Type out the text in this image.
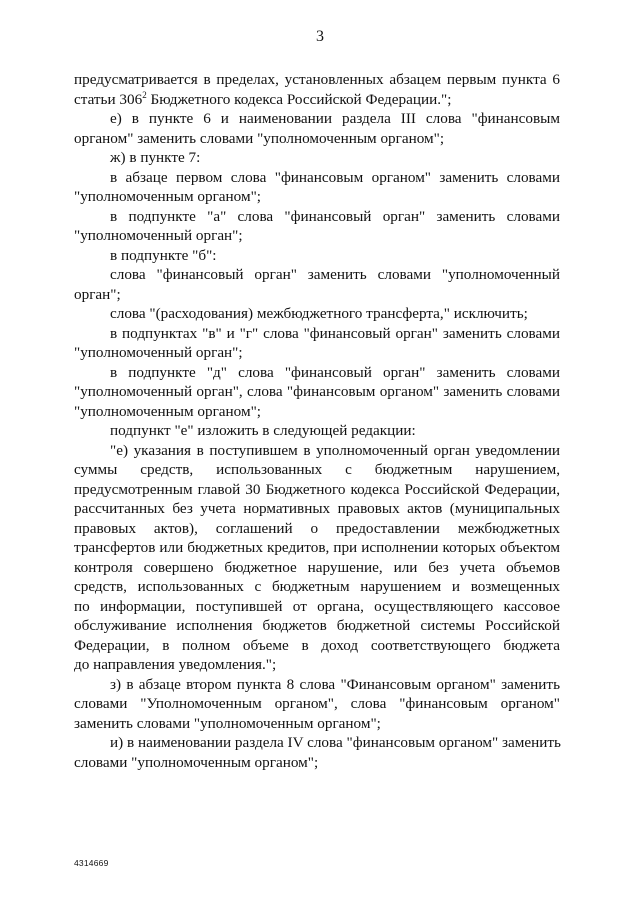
3
предусматривается в пределах, установленных абзацем первым пункта 6
статьи $306^2$ Бюджетного кодекса Российской Федерации.";
е) в пункте 6 и наименовании раздела III слова "финансовым
органом" заменить словами "уполномоченным органом";
ж) в пункте 7:
в абзаце первом слова "финансовым органом" заменить словами
"уполномоченным органом";
в подпункте "а" слова "финансовый орган" заменить словами
"уполномоченный орган";
в подпункте "б":
слова "финансовый орган" заменить словами "уполномоченный
орган";
слова "(расходования) межбюджетного трансферта," исключить;
в подпунктах "в" и "г" слова "финансовый орган" заменить словами
"уполномоченный орган";
в подпункте "д" слова "финансовый орган" заменить словами
"уполномоченный орган", слова "финансовым органом" заменить словами
"уполномоченным органом";
подпункт "е" изложить в следующей редакции:
"е) указания в поступившем в уполномоченный орган уведомлении
суммы средств, использованных с бюджетным нарушением,
предусмотренным главой 30 Бюджетного кодекса Российской Федерации,
рассчитанных без учета нормативных правовых актов (муниципальных
правовых актов), соглашений о предоставлении межбюджетных
трансфертов или бюджетных кредитов, при исполнении которых объектом
контроля совершено бюджетное нарушение, или без учета объемов
средств, использованных с бюджетным нарушением и возмещенных
по информации, поступившей от органа, осуществляющего кассовое
обслуживание исполнения бюджетов бюджетной системы Российской
Федерации, в полном объеме в доход соответствующего бюджета
до направления уведомления.";
з) в абзаце втором пункта 8 слова "Финансовым органом" заменить
словами "Уполномоченным органом", слова "финансовым органом"
заменить словами "уполномоченным органом";
и) в наименовании раздела IV слова "финансовым органом" заменить
словами "уполномоченным органом";
4314669
